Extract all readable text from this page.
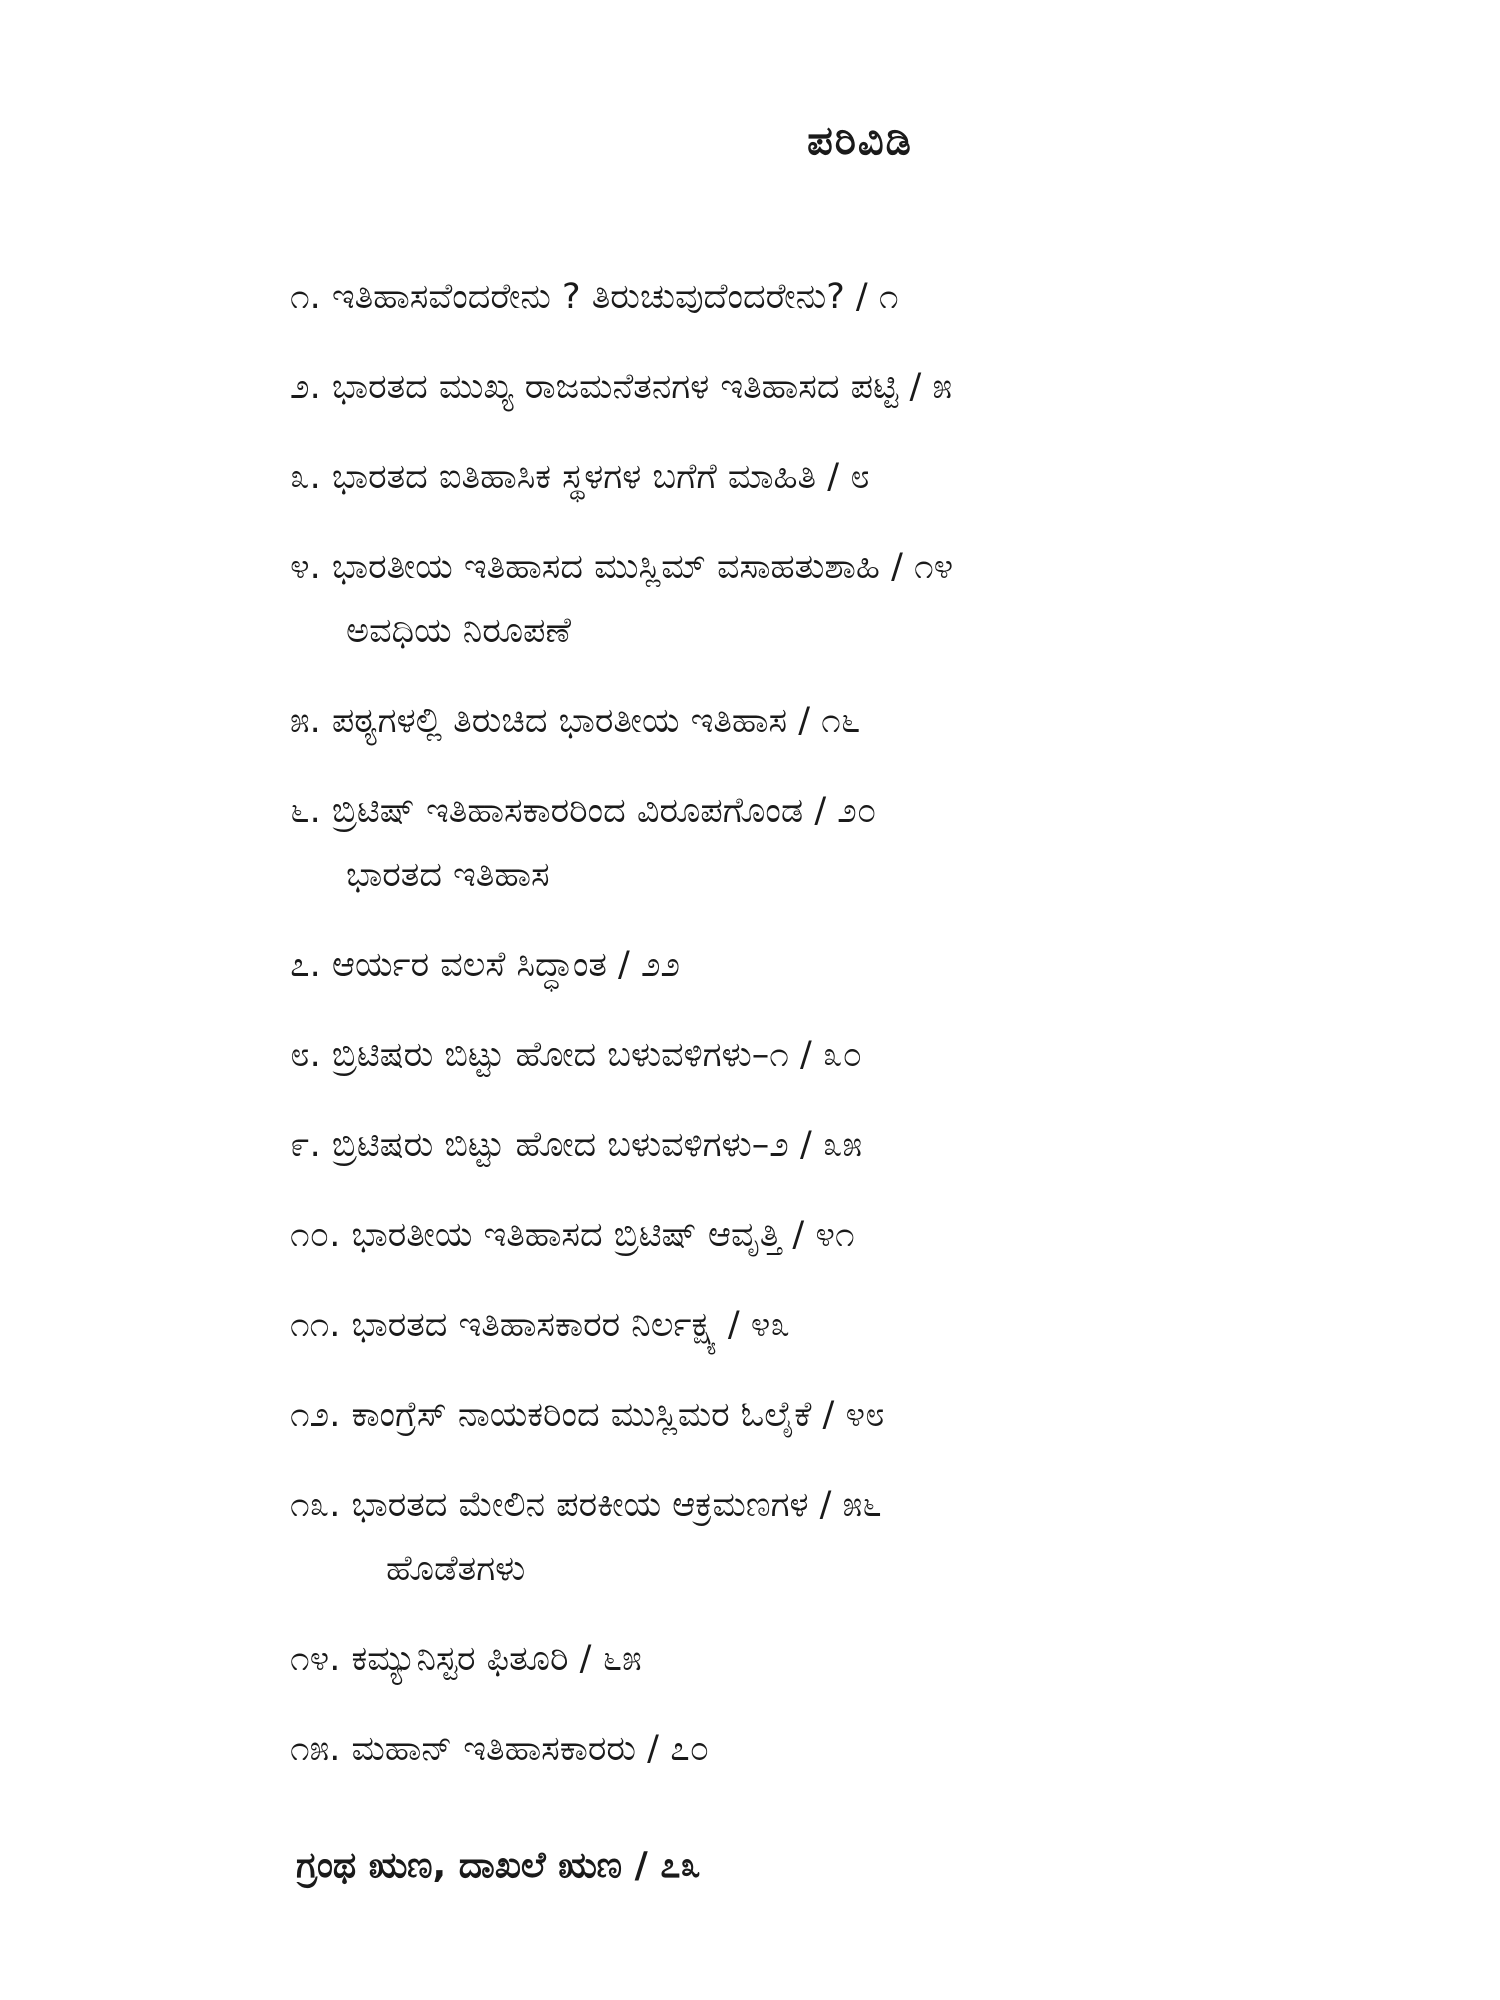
ಪರಿವಿಡಿ
೧. ಇತಿಹಾಸವೆಂದರೇನು ? ತಿರುಚುವುದೆಂದರೇನು? / ೧
೨. ಭಾರತದ ಮುಖ್ಯ ರಾಜಮನೆತನಗಳ ಇತಿಹಾಸದ ಪಟ್ಟಿ / ೫
೩. ಭಾರತದ ಐತಿಹಾಸಿಕ ಸ್ಥಳಗಳ ಬಗೆಗೆ ಮಾಹಿತಿ / ೮
೪. ಭಾರತೀಯ ಇತಿಹಾಸದ ಮುಸ್ಲಿಮ್ ವಸಾಹತುಶಾಹಿ / ೧೪
ಅವಧಿಯ ನಿರೂಪಣೆ
೫. ಪಠ್ಯಗಳಲ್ಲಿ ತಿರುಚಿದ ಭಾರತೀಯ ಇತಿಹಾಸ / ೧೬
೬. ಬ್ರಿಟಿಷ್ ಇತಿಹಾಸಕಾರರಿಂದ ವಿರೂಪಗೊಂಡ / ೨೦
ಭಾರತದ ಇತಿಹಾಸ
೭. ಆರ್ಯರ ವಲಸೆ ಸಿದ್ಧಾಂತ / ೨೨
೮. ಬ್ರಿಟಿಷರು ಬಿಟ್ಟು ಹೋದ ಬಳುವಳಿಗಳು–೧ / ೩೦
೯. ಬ್ರಿಟಿಷರು ಬಿಟ್ಟು ಹೋದ ಬಳುವಳಿಗಳು–೨ / ೩೫
೧೦. ಭಾರತೀಯ ಇತಿಹಾಸದ ಬ್ರಿಟಿಷ್ ಆವೃತ್ತಿ / ೪೧
೧೧. ಭಾರತದ ಇತಿಹಾಸಕಾರರ ನಿರ್ಲಕ್ಷ್ಯ / ೪೩
೧೨. ಕಾಂಗ್ರೆಸ್ ನಾಯಕರಿಂದ ಮುಸ್ಲಿಮರ ಓಲೈಕೆ / ೪೮
೧೩. ಭಾರತದ ಮೇಲಿನ ಪರಕೀಯ ಆಕ್ರಮಣಗಳ / ೫೬
ಹೊಡೆತಗಳು
೧೪. ಕಮ್ಯುನಿಸ್ಟರ ಫಿತೂರಿ / ೬೫
೧೫. ಮಹಾನ್ ಇತಿಹಾಸಕಾರರು / ೭೦
ಗ್ರಂಥ ಋಣ, ದಾಖಲೆ ಋಣ / ೭೩
